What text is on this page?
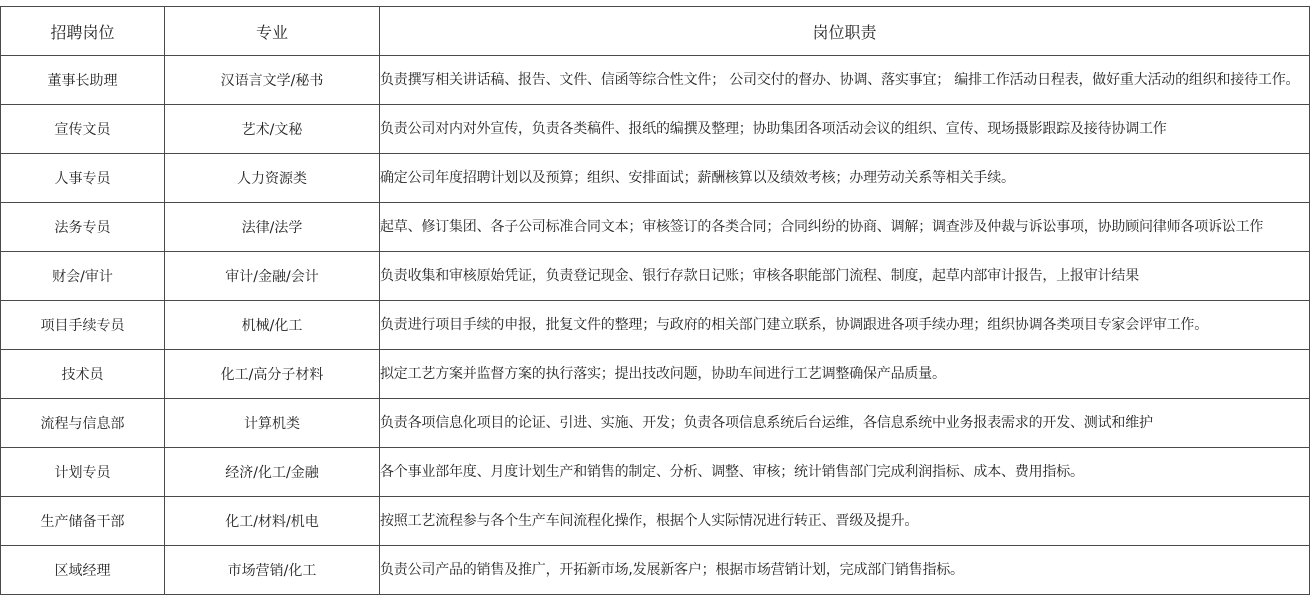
招聘岗位	专业	岗位职责
董事长助理	汉语言文学/秘书	负责撰写相关讲话稿、报告、文件、信函等综合性文件； 公司交付的督办、协调、落实事宜； 编排工作活动日程表，做好重大活动的组织和接待工作。
宣传文员	艺术/文秘	负责公司对内对外宣传，负责各类稿件、报纸的编撰及整理；协助集团各项活动会议的组织、宣传、现场摄影跟踪及接待协调工作
人事专员	人力资源类	确定公司年度招聘计划以及预算；组织、安排面试；薪酬核算以及绩效考核；办理劳动关系等相关手续。
法务专员	法律/法学	起草、修订集团、各子公司标准合同文本；审核签订的各类合同；合同纠纷的协商、调解；调查涉及仲裁与诉讼事项，协助顾问律师各项诉讼工作
财会/审计	审计/金融/会计	负责收集和审核原始凭证，负责登记现金、银行存款日记账；审核各职能部门流程、制度，起草内部审计报告，上报审计结果
项目手续专员	机械/化工	负责进行项目手续的申报，批复文件的整理；与政府的相关部门建立联系，协调跟进各项手续办理；组织协调各类项目专家会评审工作。
技术员	化工/高分子材料	拟定工艺方案并监督方案的执行落实；提出技改问题，协助车间进行工艺调整确保产品质量。
流程与信息部	计算机类	负责各项信息化项目的论证、引进、实施、开发；负责各项信息系统后台运维，各信息系统中业务报表需求的开发、测试和维护
计划专员	经济/化工/金融	各个事业部年度、月度计划生产和销售的制定、分析、调整、审核；统计销售部门完成利润指标、成本、费用指标。
生产储备干部	化工/材料/机电	按照工艺流程参与各个生产车间流程化操作，根据个人实际情况进行转正、晋级及提升。
区域经理	市场营销/化工	负责公司产品的销售及推广，开拓新市场,发展新客户；根据市场营销计划，完成部门销售指标。
